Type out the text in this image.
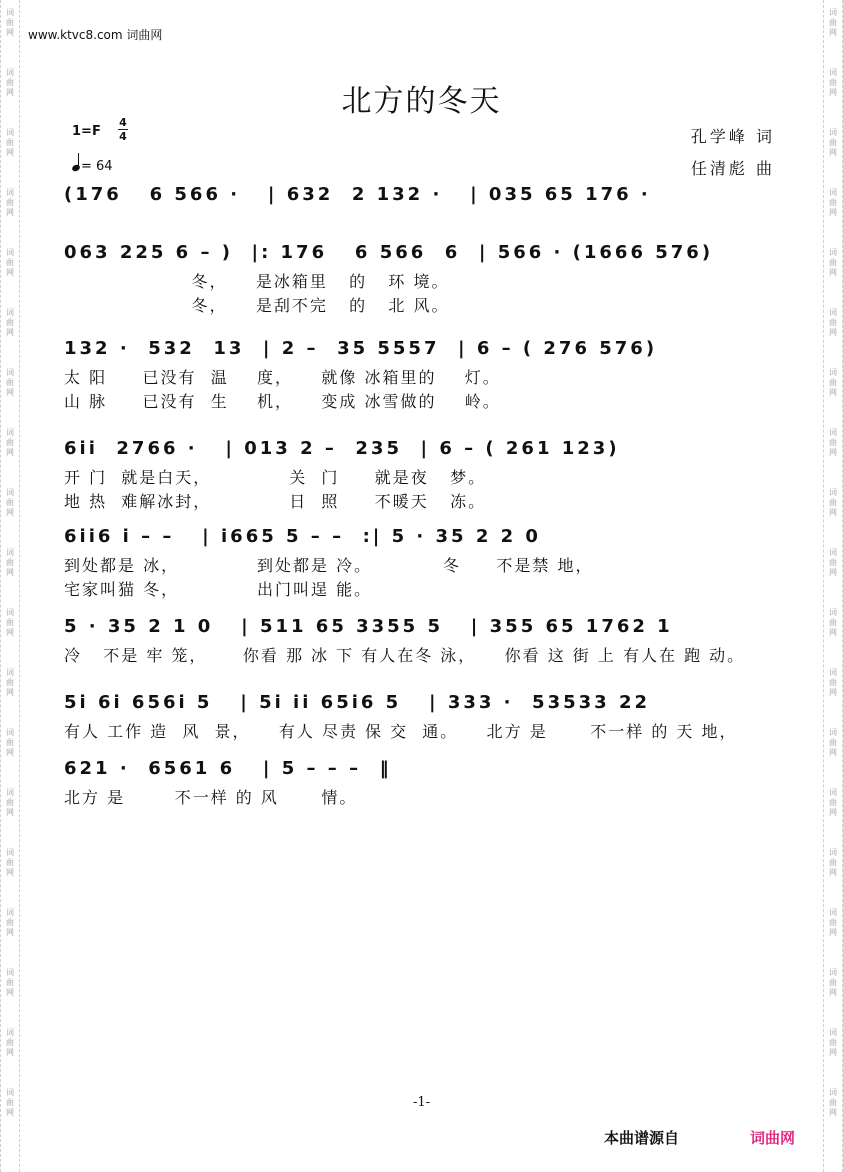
词
曲
网
词
曲
网
词
曲
网
词
曲
网
词
曲
网
词
曲
网
词
曲
网
词
曲
网
词
曲
网
词
曲
网
词
曲
网
词
曲
网
词
曲
网
词
曲
网
词
曲
网
词
曲
网
词
曲
网
词
曲
网
词
曲
网
词
曲
网
词
曲
网
词
曲
网
词
曲
网
词
曲
网
词
曲
网
词
曲
网
词
曲
网
词
曲
网
词
曲
网
词
曲
网
词
曲
网
词
曲
网
词
曲
网
词
曲
网
词
曲
网
词
曲
网
词
曲
网
词
曲
网
www.ktvc8.com 词曲网
北方的冬天
1=F
4
4
= 64
孔学峰 词
任清彪 曲
(176   6 566 ·   | 632  2 132 ·   | 035 65 176 ·
063 225 6 – )  |: 176   6 566  6  | 566 · (1666 576)
冬，    是冰箱里   的   环 境。
冬，    是刮不完   的   北 风。
132 ·  532  13  | 2 –  35 5557  | 6 – ( 276 576)
太 阳     已没有  温    度，    就像 冰箱里的    灯。
山 脉     已没有  生    机，    变成 冰雪做的    岭。
6ii  2766 ·   | 013 2 –  235  | 6 – ( 261 123)
开 门  就是白天，           关  门     就是夜   梦。
地 热  难解冰封，           日  照     不暖天   冻。
6ii6 i – –   | i665 5 – –  :| 5 · 35 2 2 0
到处都是 冰，           到处都是 冷。          冬     不是禁 地，
宅家叫猫 冬，           出门叫逞 能。
5 · 35 2 1 0   | 511 65 3355 5   | 355 65 1762 1
冷   不是 牢 笼，     你看 那 冰 下 有人在冬 泳，    你看 这 街 上 有人在 跑 动。
5i 6i 656i 5   | 5i ii 65i6 5   | 333 ·  53533 22
有人 工作 造  风  景，    有人 尽责 保 交  通。    北方 是      不一样 的 天 地，
621 ·  6561 6   | 5 – – –  ‖
北方 是       不一样 的 风      情。
-1-
本曲谱源自	词曲网
